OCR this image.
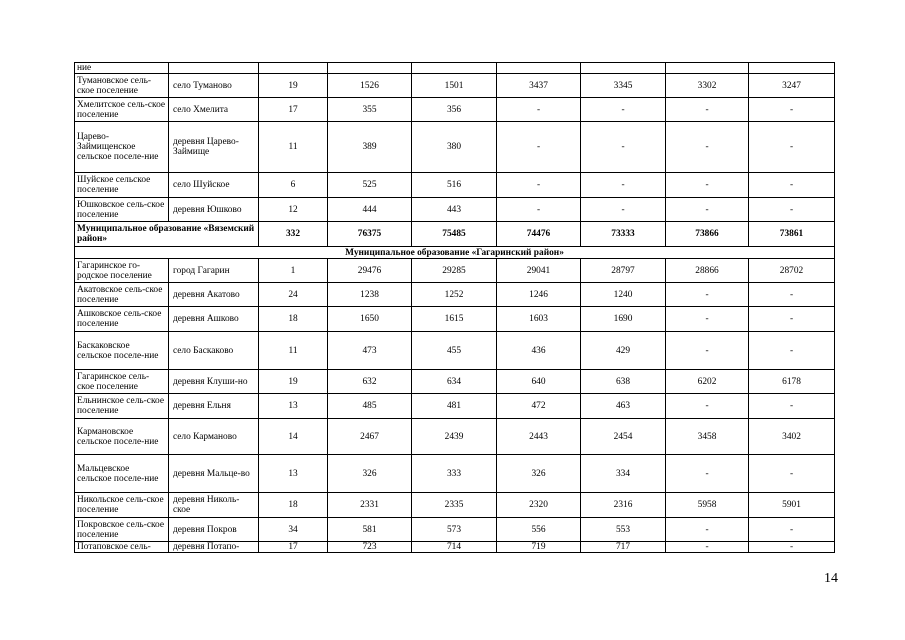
ние								
Тумановское сель-ское поселение	село Туманово	19	1526	1501	3437	3345	3302	3247
Хмелитское сель-ское поселение	село Хмелита	17	355	356	-	-	-	-
Царево-Займищенское сельское поселе-ние	деревня Царево-Займище	11	389	380	-	-	-	-
Шуйское сельское поселение	село Шуйское	6	525	516	-	-	-	-
Юшковское сель-ское поселение	деревня Юшково	12	444	443	-	-	-	-
Муниципальное образование «Вяземский район»		332	76375	75485	74476	73333	73866	73861
Муниципальное образование «Гагаринский район»								
Гагаринское го-родское поселение	город Гагарин	1	29476	29285	29041	28797	28866	28702
Акатовское сель-ское поселение	деревня Акатово	24	1238	1252	1246	1240	-	-
Ашковское сель-ское поселение	деревня Ашково	18	1650	1615	1603	1690	-	-
Баскаковское сельское поселе-ние	село Баскаково	11	473	455	436	429	-	-
Гагаринское сель-ское поселение	деревня Клуши-но	19	632	634	640	638	6202	6178
Ельнинское сель-ское поселение	деревня Ельня	13	485	481	472	463	-	-
Кармановское сельское поселе-ние	село Карманово	14	2467	2439	2443	2454	3458	3402
Мальцевское сельское поселе-ние	деревня Мальце-во	13	326	333	326	334	-	-
Никольское сель-ское поселение	деревня Николь-ское	18	2331	2335	2320	2316	5958	5901
Покровское сель-ское поселение	деревня Покров	34	581	573	556	553	-	-
Потаповское сель-	деревня Потапо-	17	723	714	719	717	-	-
14
